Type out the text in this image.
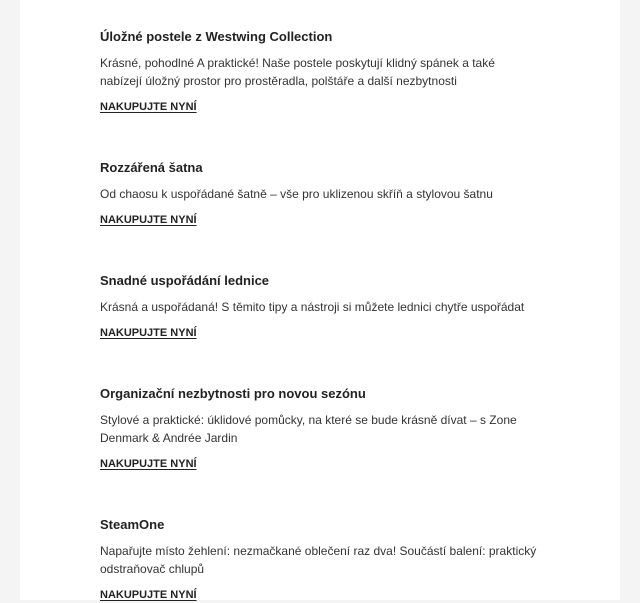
Úložné postele z Westwing Collection

Krásné, pohodlné A praktické! Naše postele poskytují klidný spánek a také nabízejí úložný prostor pro prostěradla, polštáře a další nezbytnosti

NAKUPUJTE NYNÍ
Rozzářená šatna

Od chaosu k uspořádané šatně – vše pro uklizenou skříň a stylovou šatnu

NAKUPUJTE NYNÍ
Snadné uspořádání lednice

Krásná a uspořádaná! S těmito tipy a nástroji si můžete lednici chytře uspořádat

NAKUPUJTE NYNÍ
Organizační nezbytnosti pro novou sezónu

Stylové a praktické: úklidové pomůcky, na které se bude krásně dívat – s Zone Denmark & Andrée Jardin

NAKUPUJTE NYNÍ
SteamOne

Napařujte místo žehlení: nezmačkané oblečení raz dva! Součástí balení: praktický odstraňovač chlupů

NAKUPUJTE NYNÍ
